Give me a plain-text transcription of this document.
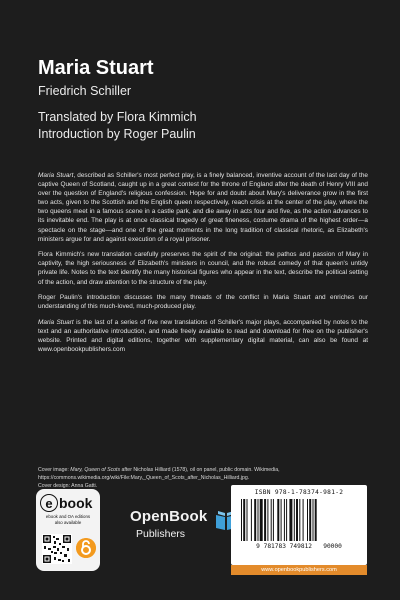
Maria Stuart
Friedrich Schiller
Translated by Flora Kimmich
Introduction by Roger Paulin

Maria Stuart, described as Schiller's most perfect play, is a finely balanced, inventive account of the last day of the captive Queen of Scotland, caught up in a great contest for the throne of England after the death of Henry VIII and over the question of England's religious confession. Hope for and doubt about Mary's deliverance grow in the first two acts, given to the Scottish and the English queen respectively, reach crisis at the center of the play, where the two queens meet in a famous scene in a castle park, and die away in acts four and five, as the action advances to its inevitable end. The play is at once classical tragedy of great fineness, costume drama of the highest order—a spectacle on the stage—and one of the great moments in the long tradition of classical rhetoric, as Elizabeth's ministers argue for and against execution of a royal prisoner.

Flora Kimmich's new translation carefully preserves the spirit of the original: the pathos and passion of Mary in captivity, the high seriousness of Elizabeth's ministers in council, and the robust comedy of that queen's untidy private life. Notes to the text identify the many historical figures who appear in the text, describe the political setting of the action, and draw attention to the structure of the play.

Roger Paulin's introduction discusses the many threads of the conflict in Maria Stuart and enriches our understanding of this much-loved, much-produced play.

Maria Stuart is the last of a series of five new translations of Schiller's major plays, accompanied by notes to the text and an authoritative introduction, and made freely available to read and download for free on the publisher's website. Printed and digital editions, together with supplementary digital material, can also be found at www.openbookpublishers.com

Cover image: Mary, Queen of Scots after Nicholas Hilliard (1578), oil on panel, public domain. Wikimedia, https://commons.wikimedia.org/wiki/File:Mary,_Queen_of_Scots_after_Nicholas_Hilliard.jpg.
Cover design: Anna Gatti.
e book
ebook and OA editions
also available	OpenBook
Publishers
ISBN 978-1-78374-981-2
9 781783 749812 90000
www.openbookpublishers.com
